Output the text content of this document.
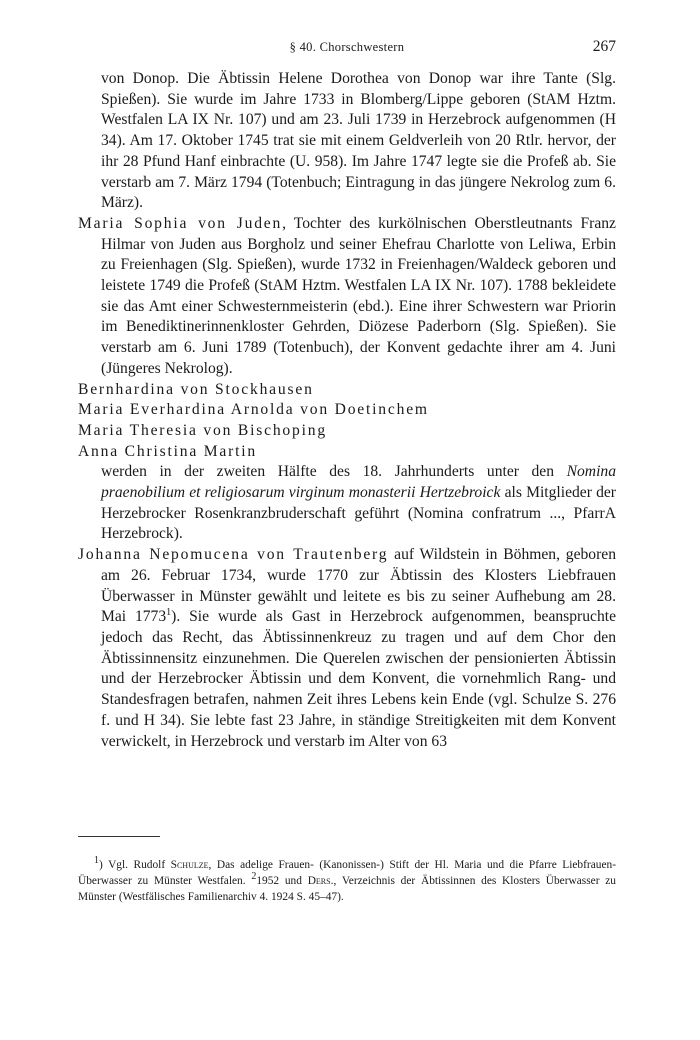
§ 40. Chorschwestern	267

von Donop. Die Äbtissin Helene Dorothea von Donop war ihre Tante (Slg. Spießen). Sie wurde im Jahre 1733 in Blomberg/Lippe geboren (StAM Hztm. Westfalen LA IX Nr. 107) und am 23. Juli 1739 in Herzebrock aufgenommen (H 34). Am 17. Oktober 1745 trat sie mit einem Geldverleih von 20 Rtlr. hervor, der ihr 28 Pfund Hanf einbrachte (U. 958). Im Jahre 1747 legte sie die Profeß ab. Sie verstarb am 7. März 1794 (Totenbuch; Eintragung in das jüngere Nekrolog zum 6. März).

Maria Sophia von Juden, Tochter des kurkölnischen Oberstleutnants Franz Hilmar von Juden aus Borgholz und seiner Ehefrau Charlotte von Leliwa, Erbin zu Freienhagen (Slg. Spießen), wurde 1732 in Freienhagen/Waldeck geboren und leistete 1749 die Profeß (StAM Hztm. Westfalen LA IX Nr. 107). 1788 bekleidete sie das Amt einer Schwesternmeisterin (ebd.). Eine ihrer Schwestern war Priorin im Benediktinerinnenkloster Gehrden, Diözese Paderborn (Slg. Spießen). Sie verstarb am 6. Juni 1789 (Totenbuch), der Konvent gedachte ihrer am 4. Juni (Jüngeres Nekrolog).

Bernhardina von Stockhausen

Maria Everhardina Arnolda von Doetinchem

Maria Theresia von Bischoping

Anna Christina Martin

werden in der zweiten Hälfte des 18. Jahrhunderts unter den Nomina praenobilium et religiosarum virginum monasterii Hertzebroick als Mitglieder der Herzebrocker Rosenkranzbruderschaft geführt (Nomina confratrum ..., PfarrA Herzebrock).

Johanna Nepomucena von Trautenberg auf Wildstein in Böhmen, geboren am 26. Februar 1734, wurde 1770 zur Äbtissin des Klosters Liebfrauen Überwasser in Münster gewählt und leitete es bis zu seiner Aufhebung am 28. Mai 1773$^1$). Sie wurde als Gast in Herzebrock aufgenommen, beanspruchte jedoch das Recht, das Äbtissinnenkreuz zu tragen und auf dem Chor den Äbtissinnensitz einzunehmen. Die Querelen zwischen der pensionierten Äbtissin und der Herzebrocker Äbtissin und dem Konvent, die vornehmlich Rang- und Standesfragen betrafen, nahmen Zeit ihres Lebens kein Ende (vgl. Schulze S. 276 f. und H 34). Sie lebte fast 23 Jahre, in ständige Streitigkeiten mit dem Konvent verwickelt, in Herzebrock und verstarb im Alter von 63

$^1$) Vgl. Rudolf Schulze, Das adelige Frauen- (Kanonissen-) Stift der Hl. Maria und die Pfarre Liebfrauen-Überwasser zu Münster Westfalen. $^2$1952 und Ders., Verzeichnis der Äbtissinnen des Klosters Überwasser zu Münster (Westfälisches Familienarchiv 4. 1924 S. 45–47).
